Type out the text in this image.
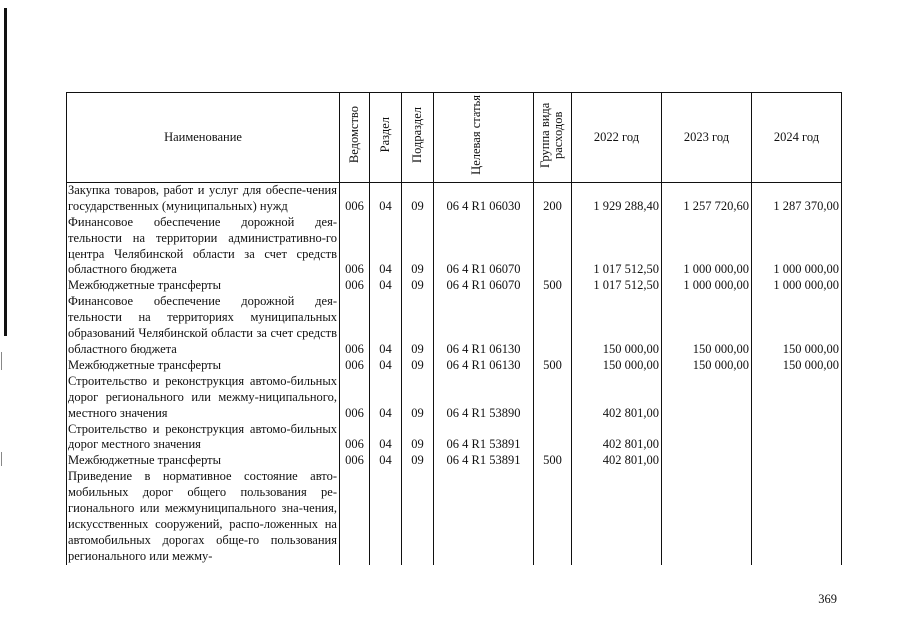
Наименование	Ведомство	Раздел	Подраздел	Целевая статья	Группа вида расходов	2022 год	2023 год	2024 год
Закупка товаров, работ и услуг для обеспе-чения государственных (муниципальных) нужд	006	04	09	06 4 R1 06030	200	1 929 288,40	1 257 720,60	1 287 370,00
Финансовое обеспечение дорожной дея-тельности на территории административно-го центра Челябинской области за счет средств областного бюджета	006	04	09	06 4 R1 06070		1 017 512,50	1 000 000,00	1 000 000,00
Межбюджетные трансферты	006	04	09	06 4 R1 06070	500	1 017 512,50	1 000 000,00	1 000 000,00
Финансовое обеспечение дорожной дея-тельности на территориях муниципальных образований Челябинской области за счет средств областного бюджета	006	04	09	06 4 R1 06130		150 000,00	150 000,00	150 000,00
Межбюджетные трансферты	006	04	09	06 4 R1 06130	500	150 000,00	150 000,00	150 000,00
Строительство и реконструкция автомо-бильных дорог регионального или межму-ниципального, местного значения	006	04	09	06 4 R1 53890		402 801,00		
Строительство и реконструкция автомо-бильных дорог местного значения	006	04	09	06 4 R1 53891		402 801,00		
Межбюджетные трансферты	006	04	09	06 4 R1 53891	500	402 801,00		
Приведение в нормативное состояние авто-мобильных дорог общего пользования ре-гионального или межмуниципального зна-чения, искусственных сооружений, распо-ложенных на автомобильных дорогах обще-го пользования регионального или межму-								
369
